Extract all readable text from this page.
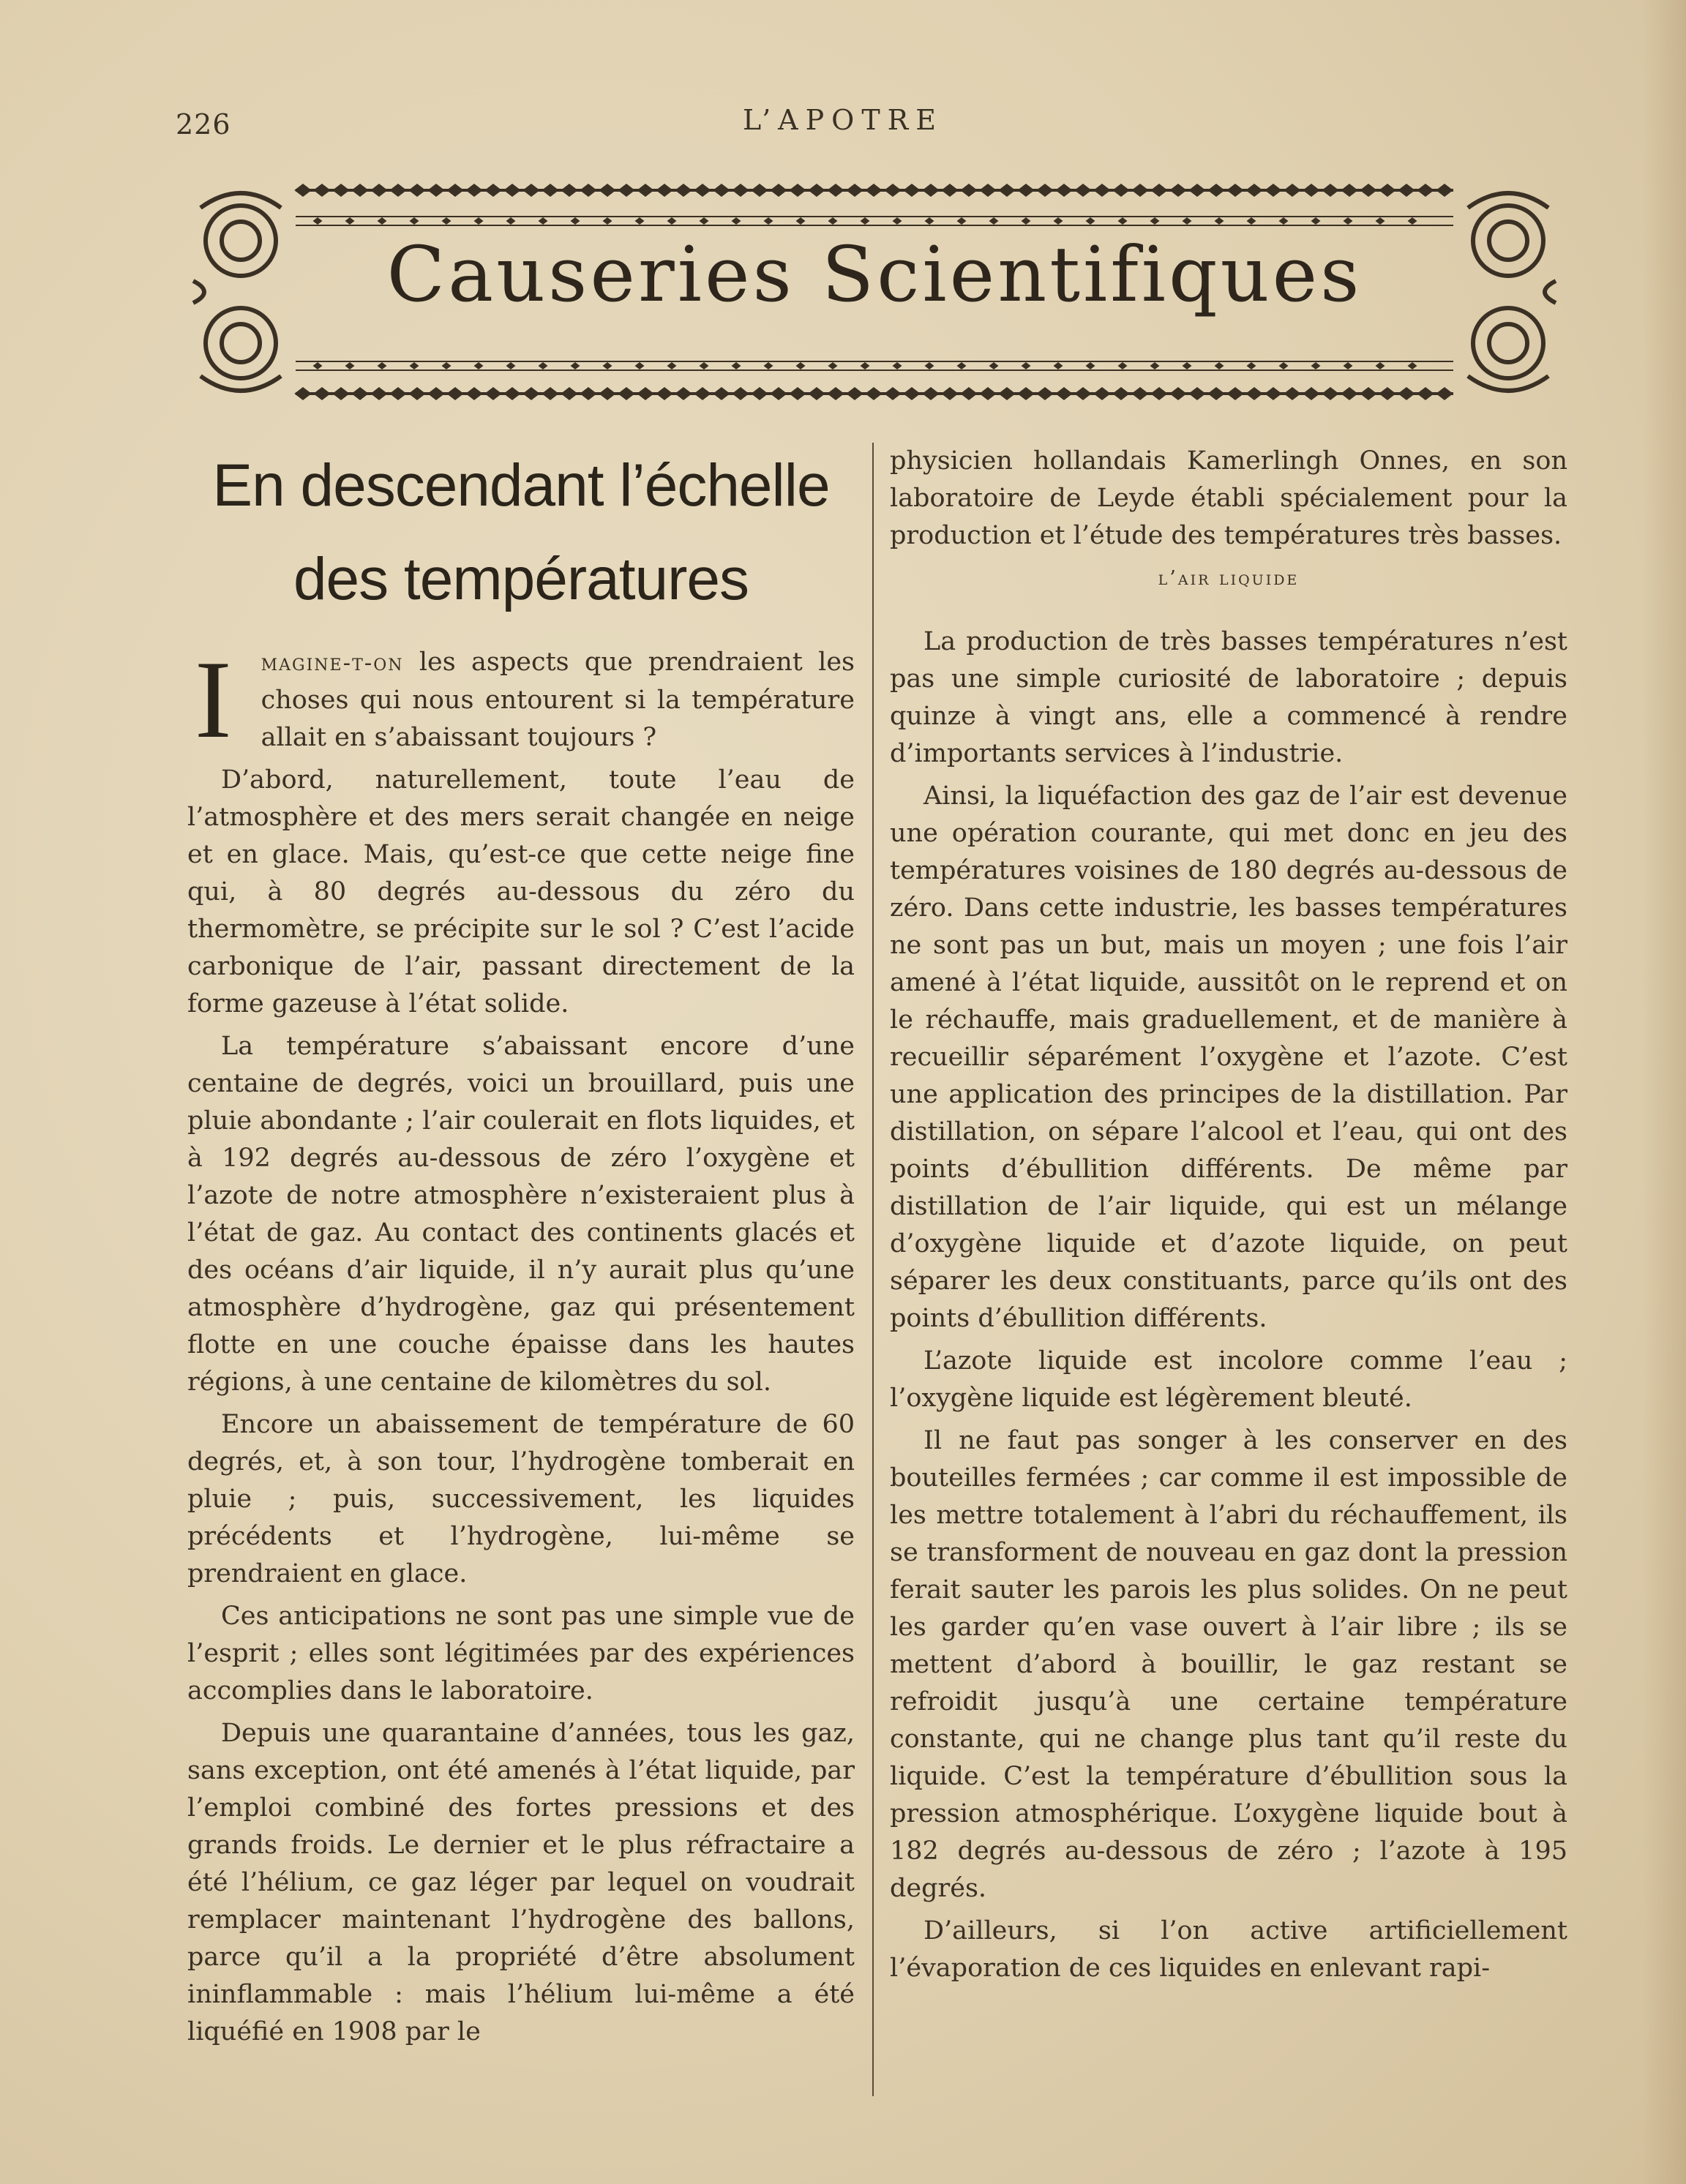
226	L’APOTRE
Causeries Scientifiques
En descendant l’échelle
des températures

I magine-t-on les aspects que prendraient les choses qui nous entourent si la température allait en s’abaissant toujours ?

D’abord, naturellement, toute l’eau de l’atmosphère et des mers serait changée en neige et en glace. Mais, qu’est-ce que cette neige fine qui, à 80 degrés au-dessous du zéro du thermomètre, se précipite sur le sol ? C’est l’acide carbonique de l’air, passant directement de la forme gazeuse à l’état solide.

La température s’abaissant encore d’une centaine de degrés, voici un brouillard, puis une pluie abondante ; l’air coulerait en flots liquides, et à 192 degrés au-dessous de zéro l’oxygène et l’azote de notre atmosphère n’existeraient plus à l’état de gaz. Au contact des continents glacés et des océans d’air liquide, il n’y aurait plus qu’une atmosphère d’hydrogène, gaz qui présentement flotte en une couche épaisse dans les hautes régions, à une centaine de kilomètres du sol.

Encore un abaissement de température de 60 degrés, et, à son tour, l’hydrogène tomberait en pluie ; puis, successivement, les liquides précédents et l’hydrogène, lui-même se prendraient en glace.

Ces anticipations ne sont pas une simple vue de l’esprit ; elles sont légitimées par des expériences accomplies dans le laboratoire.

Depuis une quarantaine d’années, tous les gaz, sans exception, ont été amenés à l’état liquide, par l’emploi combiné des fortes pressions et des grands froids. Le dernier et le plus réfractaire a été l’hélium, ce gaz léger par lequel on voudrait remplacer maintenant l’hydrogène des ballons, parce qu’il a la propriété d’être absolument ininflammable : mais l’hélium lui-même a été liquéfié en 1908 par le

physicien hollandais Kamerlingh Onnes, en son laboratoire de Leyde établi spécialement pour la production et l’étude des températures très basses.

l’air liquide

La production de très basses températures n’est pas une simple curiosité de laboratoire ; depuis quinze à vingt ans, elle a commencé à rendre d’importants services à l’industrie.

Ainsi, la liquéfaction des gaz de l’air est devenue une opération courante, qui met donc en jeu des températures voisines de 180 degrés au-dessous de zéro. Dans cette industrie, les basses températures ne sont pas un but, mais un moyen ; une fois l’air amené à l’état liquide, aussitôt on le reprend et on le réchauffe, mais graduellement, et de manière à recueillir séparément l’oxygène et l’azote. C’est une application des principes de la distillation. Par distillation, on sépare l’alcool et l’eau, qui ont des points d’ébullition différents. De même par distillation de l’air liquide, qui est un mélange d’oxygène liquide et d’azote liquide, on peut séparer les deux constituants, parce qu’ils ont des points d’ébullition différents.

L’azote liquide est incolore comme l’eau ; l’oxygène liquide est légèrement bleuté.

Il ne faut pas songer à les conserver en des bouteilles fermées ; car comme il est impossible de les mettre totalement à l’abri du réchauffement, ils se transforment de nouveau en gaz dont la pression ferait sauter les parois les plus solides. On ne peut les garder qu’en vase ouvert à l’air libre ; ils se mettent d’abord à bouillir, le gaz restant se refroidit jusqu’à une certaine température constante, qui ne change plus tant qu’il reste du liquide. C’est la température d’ébullition sous la pression atmosphérique. L’oxygène liquide bout à 182 degrés au-dessous de zéro ; l’azote à 195 degrés.

D’ailleurs, si l’on active artificiellement l’évaporation de ces liquides en enlevant rapi-
